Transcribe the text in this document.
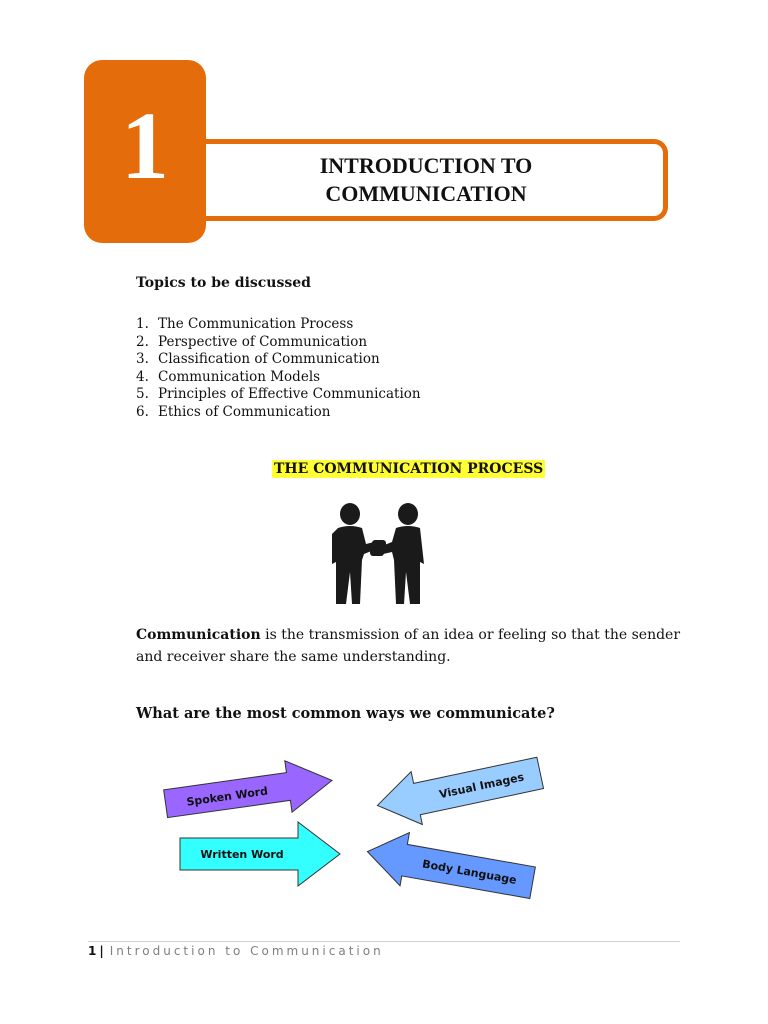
1	INTRODUCTION TO
COMMUNICATION
Topics to be discussed
1. The Communication Process
2. Perspective of Communication
3. Classification of Communication
4. Communication Models
5. Principles of Effective Communication
6. Ethics of Communication
THE COMMUNICATION PROCESS
Communication is the transmission of an idea or feeling so that the sender and receiver share the same understanding.
What are the most common ways we communicate?
Spoken Word	Visual Images
Written Word
Body Language
1 | Introduction to Communication
